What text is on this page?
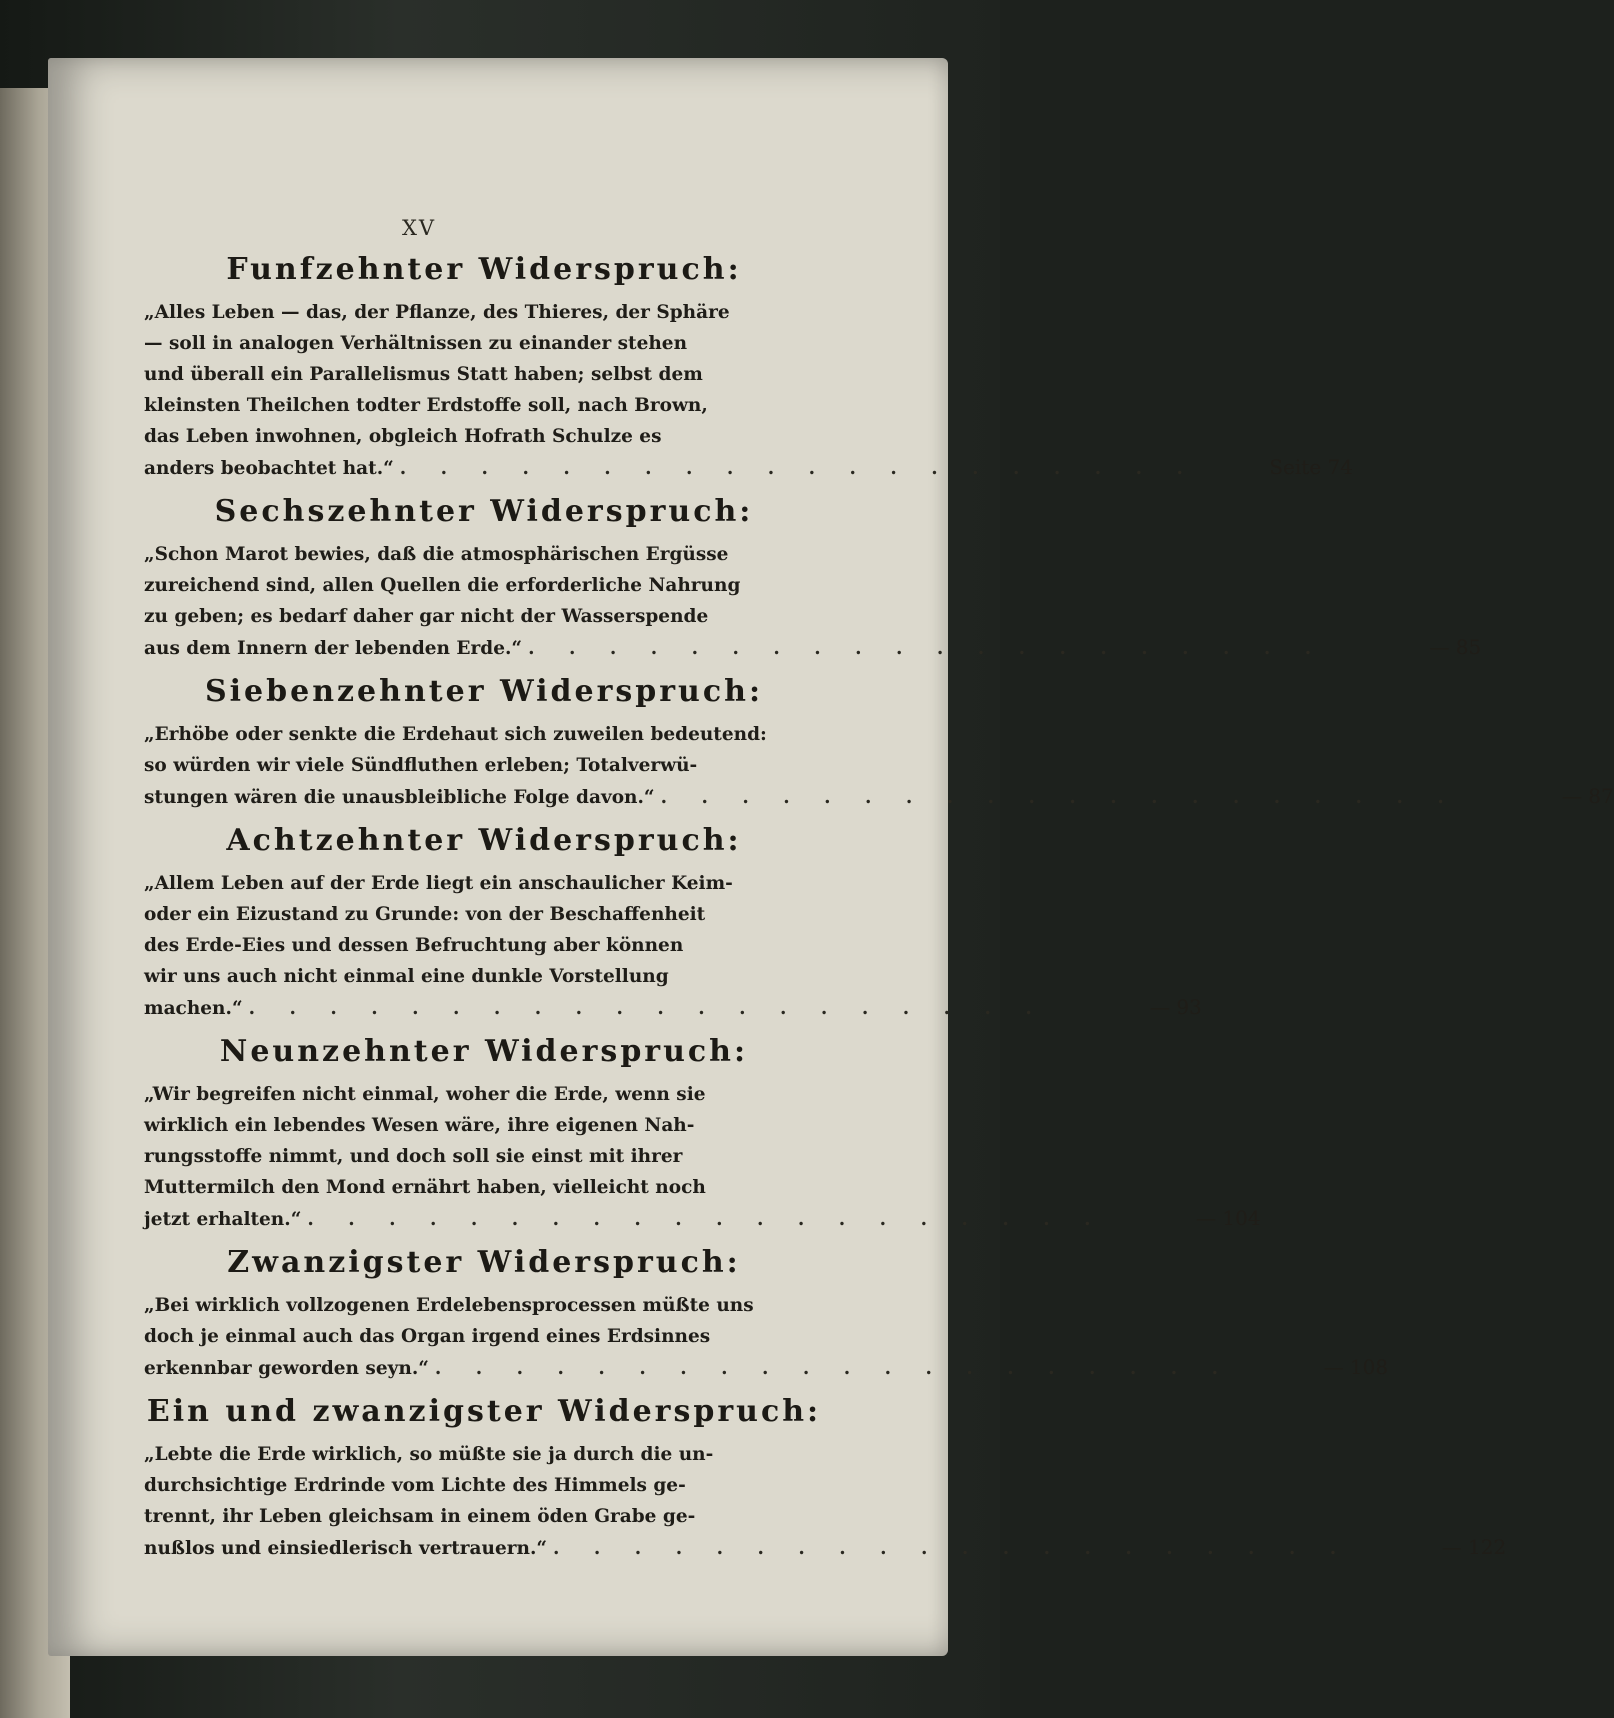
XV
Funfzehnter Widerspruch:
„Alles Leben — das, der Pflanze, des Thieres, der Sphäre
— soll in analogen Verhältnissen zu einander stehen
und überall ein Parallelismus Statt haben; selbst dem
kleinsten Theilchen todter Erdstoffe soll, nach Brown,
das Leben inwohnen, obgleich Hofrath Schulze es
anders beobachtet hat.“ . . . . . . . . . . . . . . . . . . . .	Seite 74
Sechszehnter Widerspruch:
„Schon Marot bewies, daß die atmosphärischen Ergüsse
zureichend sind, allen Quellen die erforderliche Nahrung
zu geben; es bedarf daher gar nicht der Wasserspende
aus dem Innern der lebenden Erde.“ . . . . . . . . . . . . . . . . . . . .	— 85
Siebenzehnter Widerspruch:
„Erhöbe oder senkte die Erdehaut sich zuweilen bedeutend:
so würden wir viele Sündfluthen erleben; Totalverwü-
stungen wären die unausbleibliche Folge davon.“ . . . . . . . . . . . . . . . . . . . .	— 87
Achtzehnter Widerspruch:
„Allem Leben auf der Erde liegt ein anschaulicher Keim-
oder ein Eizustand zu Grunde: von der Beschaffenheit
des Erde-Eies und dessen Befruchtung aber können
wir uns auch nicht einmal eine dunkle Vorstellung
machen.“ . . . . . . . . . . . . . . . . . . . .	— 93
Neunzehnter Widerspruch:
„Wir begreifen nicht einmal, woher die Erde, wenn sie
wirklich ein lebendes Wesen wäre, ihre eigenen Nah-
rungsstoffe nimmt, und doch soll sie einst mit ihrer
Muttermilch den Mond ernährt haben, vielleicht noch
jetzt erhalten.“ . . . . . . . . . . . . . . . . . . . .	— 104
Zwanzigster Widerspruch:
„Bei wirklich vollzogenen Erdelebensprocessen müßte uns
doch je einmal auch das Organ irgend eines Erdsinnes
erkennbar geworden seyn.“ . . . . . . . . . . . . . . . . . . . .	— 108
Ein und zwanzigster Widerspruch:
„Lebte die Erde wirklich, so müßte sie ja durch die un-
durchsichtige Erdrinde vom Lichte des Himmels ge-
trennt, ihr Leben gleichsam in einem öden Grabe ge-
nußlos und einsiedlerisch vertrauern.“ . . . . . . . . . . . . . . . . . . . .	— 122
